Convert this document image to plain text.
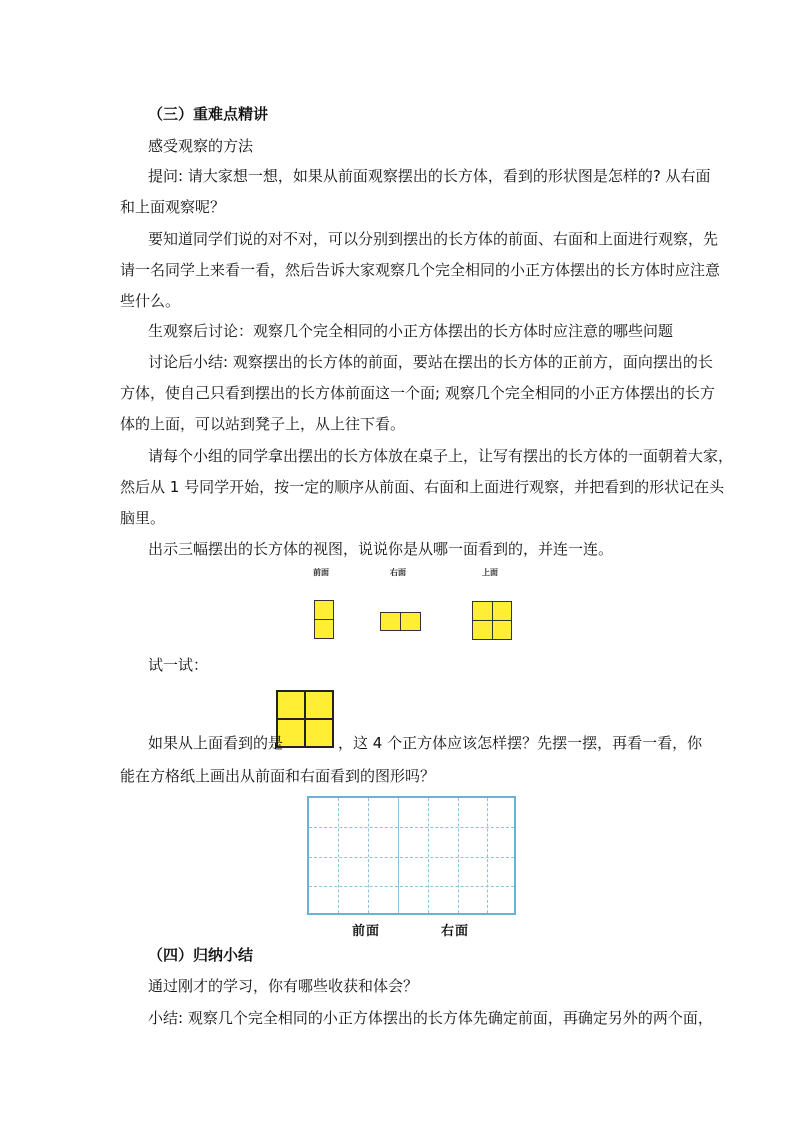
（三）重难点精讲
感受观察的方法
提问: 请大家想一想，如果从前面观察摆出的长方体，看到的形状图是怎样的? 从右面
和上面观察呢？
要知道同学们说的对不对，可以分别到摆出的长方体的前面、右面和上面进行观察，先
请一名同学上来看一看，然后告诉大家观察几个完全相同的小正方体摆出的长方体时应注意
些什么。
生观察后讨论：观察几个完全相同的小正方体摆出的长方体时应注意的哪些问题
讨论后小结: 观察摆出的长方体的前面，要站在摆出的长方体的正前方，面向摆出的长
方体，使自己只看到摆出的长方体前面这一个面; 观察几个完全相同的小正方体摆出的长方
体的上面，可以站到凳子上，从上往下看。
请每个小组的同学拿出摆出的长方体放在桌子上，让写有摆出的长方体的一面朝着大家，
然后从 1 号同学开始，按一定的顺序从前面、右面和上面进行观察，并把看到的形状记在头
脑里。
出示三幅摆出的长方体的视图，说说你是从哪一面看到的，并连一连。
前面	右面	上面
试一试：
如果从上面看到的是	，这 4 个正方体应该怎样摆？先摆一摆，再看一看，你
能在方格纸上画出从前面和右面看到的图形吗？
前面	右面
（四）归纳小结
通过刚才的学习，你有哪些收获和体会？
小结: 观察几个完全相同的小正方体摆出的长方体先确定前面，再确定另外的两个面，
